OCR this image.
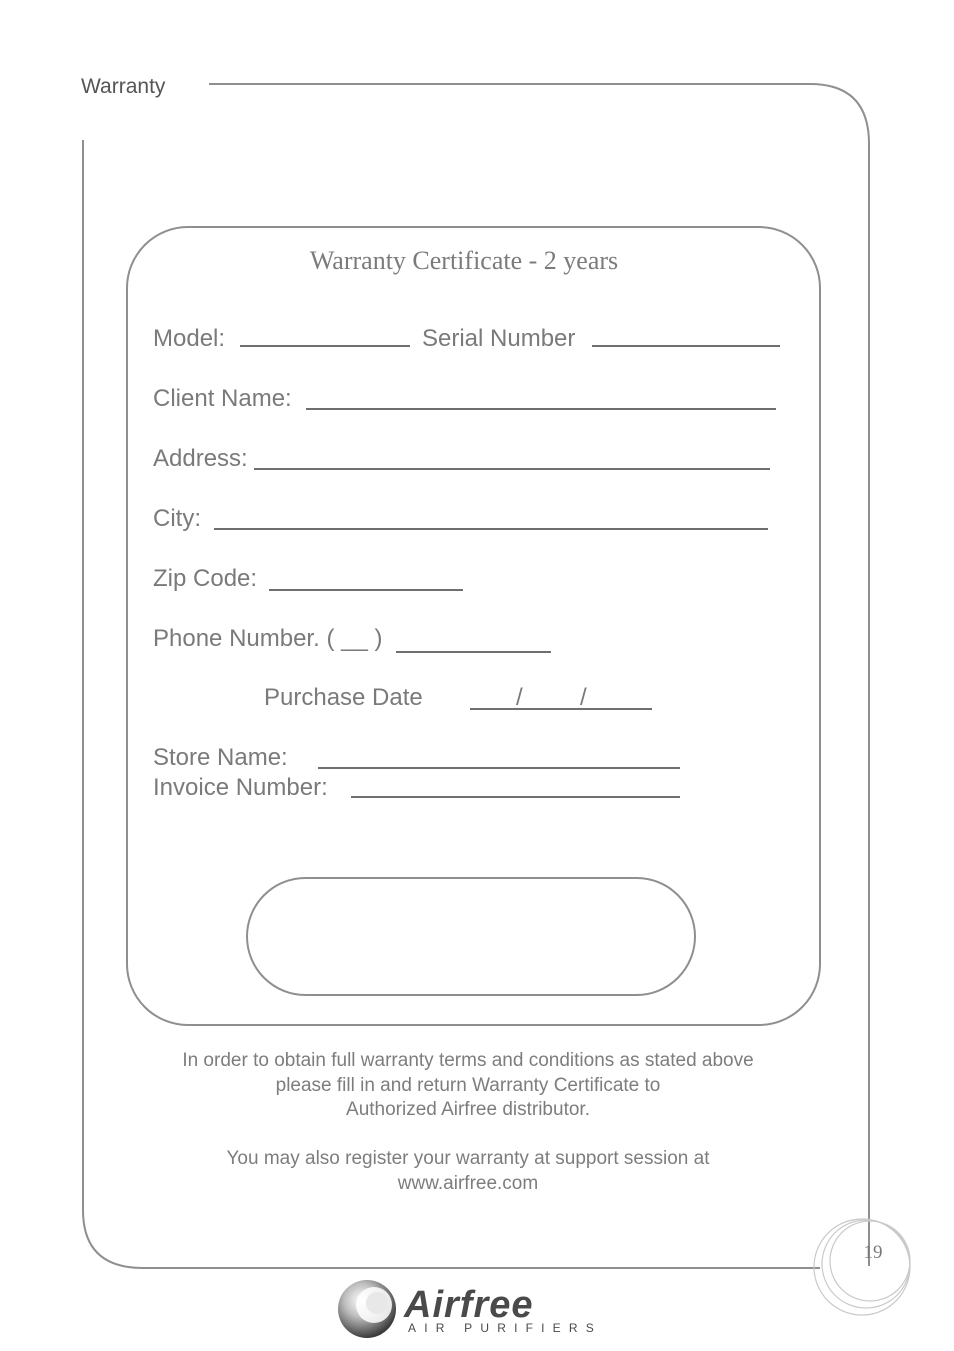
Warranty
Warranty Certificate - 2 years
Model:	Serial Number
Client Name:
Address:
City:
Zip Code:
Phone Number. ( __ )
Purchase Date	/ /
Store Name:
Invoice Number:
In order to obtain full warranty terms and conditions as stated above
please fill in and return Warranty Certificate to
Authorized Airfree distributor.
You may also register your warranty at support session at
www.airfree.com
19
Airfree
AIR PURIFIERS
